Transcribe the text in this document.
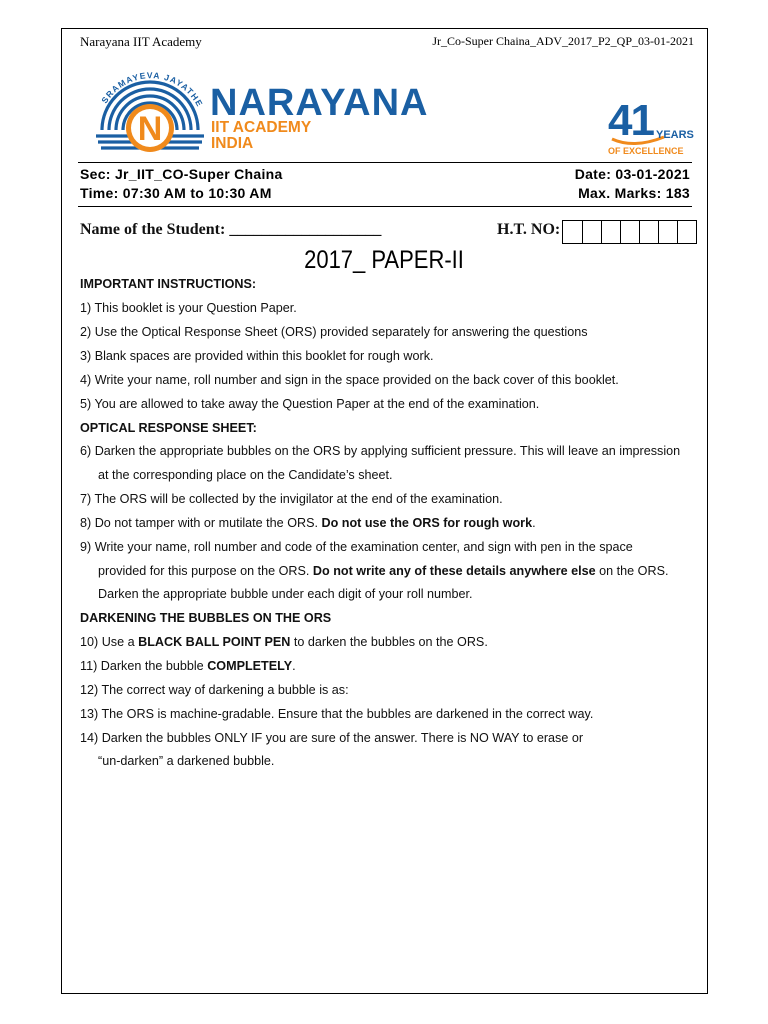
Narayana IIT Academy	Jr_Co-Super Chaina_ADV_2017_P2_QP_03-01-2021
SRAMAYEVA JAYATHE
N
NARAYANA
IIT ACADEMY
INDIA	41 YEARS
OF EXCELLENCE
Sec: Jr_IIT_CO-Super Chaina
Time: 07:30 AM to 10:30 AM
Date: 03-01-2021
Max. Marks: 183
Name of the Student: ___________________	H.T. NO:
2017_ PAPER-II
IMPORTANT INSTRUCTIONS:
1) This booklet is your Question Paper.
2) Use the Optical Response Sheet (ORS) provided separately for answering the questions
3) Blank spaces are provided within this booklet for rough work.
4) Write your name, roll number and sign in the space provided on the back cover of this booklet.
5) You are allowed to take away the Question Paper at the end of the examination.
OPTICAL RESPONSE SHEET:
6) Darken the appropriate bubbles on the ORS by applying sufficient pressure. This will leave an impression
at the corresponding place on the Candidate’s sheet.
7) The ORS will be collected by the invigilator at the end of the examination.
8) Do not tamper with or mutilate the ORS. Do not use the ORS for rough work.
9) Write your name, roll number and code of the examination center, and sign with pen in the space
provided for this purpose on the ORS. Do not write any of these details anywhere else on the ORS.
Darken the appropriate bubble under each digit of your roll number.
DARKENING THE BUBBLES ON THE ORS
10) Use a BLACK BALL POINT PEN to darken the bubbles on the ORS.
11) Darken the bubble COMPLETELY.
12) The correct way of darkening a bubble is as:
13) The ORS is machine-gradable. Ensure that the bubbles are darkened in the correct way.
14) Darken the bubbles ONLY IF you are sure of the answer. There is NO WAY to erase or
“un-darken” a darkened bubble.
